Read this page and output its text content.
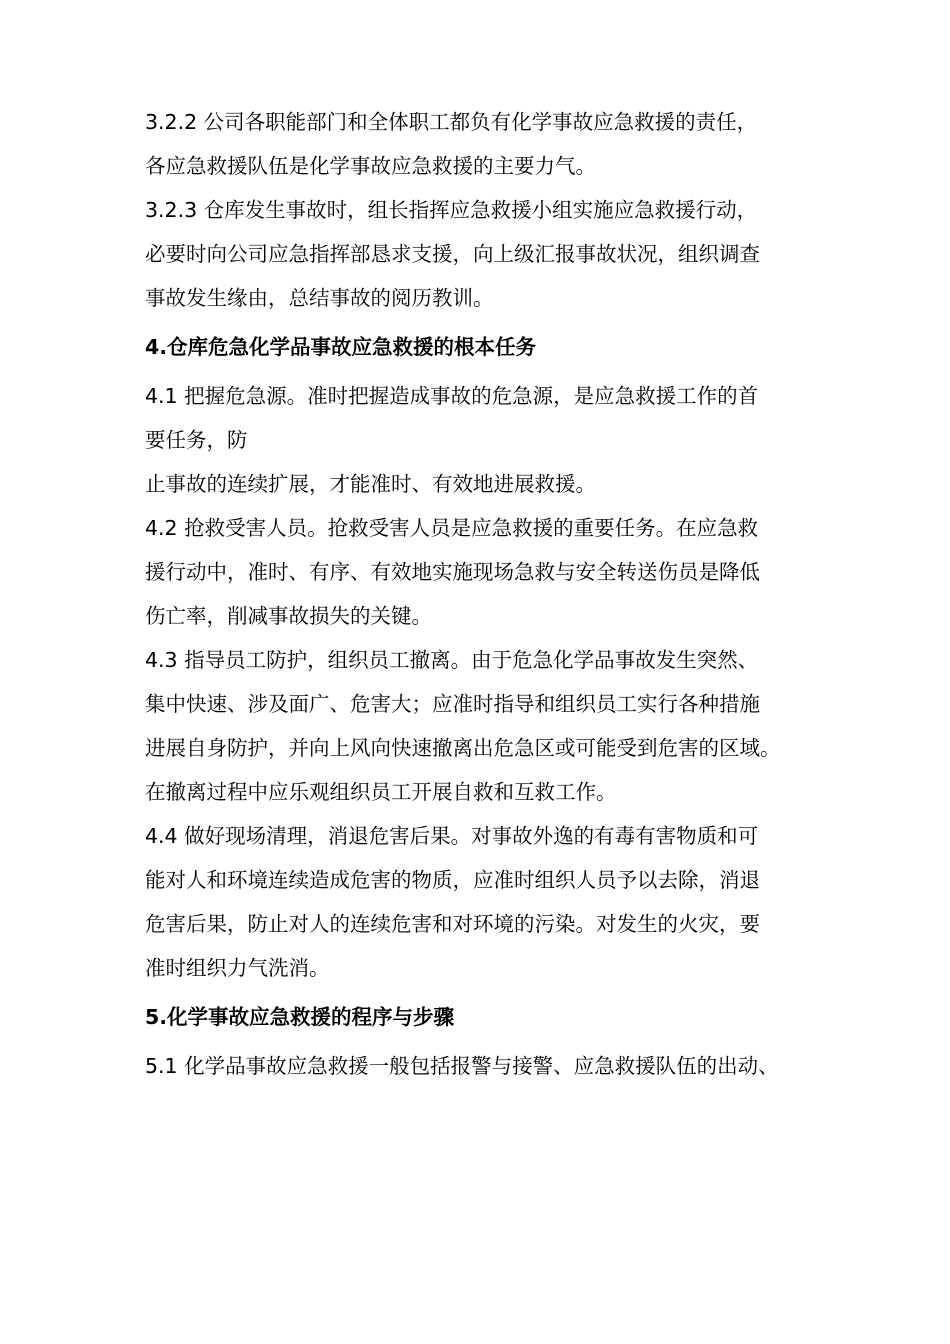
3.2.2 公司各职能部门和全体职工都负有化学事故应急救援的责任，
各应急救援队伍是化学事故应急救援的主要力气。
3.2.3 仓库发生事故时，组长指挥应急救援小组实施应急救援行动，
必要时向公司应急指挥部恳求支援，向上级汇报事故状况，组织调查
事故发生缘由，总结事故的阅历教训。
4.仓库危急化学品事故应急救援的根本任务
4.1 把握危急源。准时把握造成事故的危急源，是应急救援工作的首
要任务，防
止事故的连续扩展，才能准时、有效地进展救援。
4.2 抢救受害人员。抢救受害人员是应急救援的重要任务。在应急救
援行动中，准时、有序、有效地实施现场急救与安全转送伤员是降低
伤亡率，削减事故损失的关键。
4.3 指导员工防护，组织员工撤离。由于危急化学品事故发生突然、
集中快速、涉及面广、危害大；应准时指导和组织员工实行各种措施
进展自身防护，并向上风向快速撤离出危急区或可能受到危害的区域。
在撤离过程中应乐观组织员工开展自救和互救工作。
4.4 做好现场清理，消退危害后果。对事故外逸的有毒有害物质和可
能对人和环境连续造成危害的物质，应准时组织人员予以去除，消退
危害后果，防止对人的连续危害和对环境的污染。对发生的火灾，要
准时组织力气洗消。
5.化学事故应急救援的程序与步骤
5.1 化学品事故应急救援一般包括报警与接警、应急救援队伍的出动、
